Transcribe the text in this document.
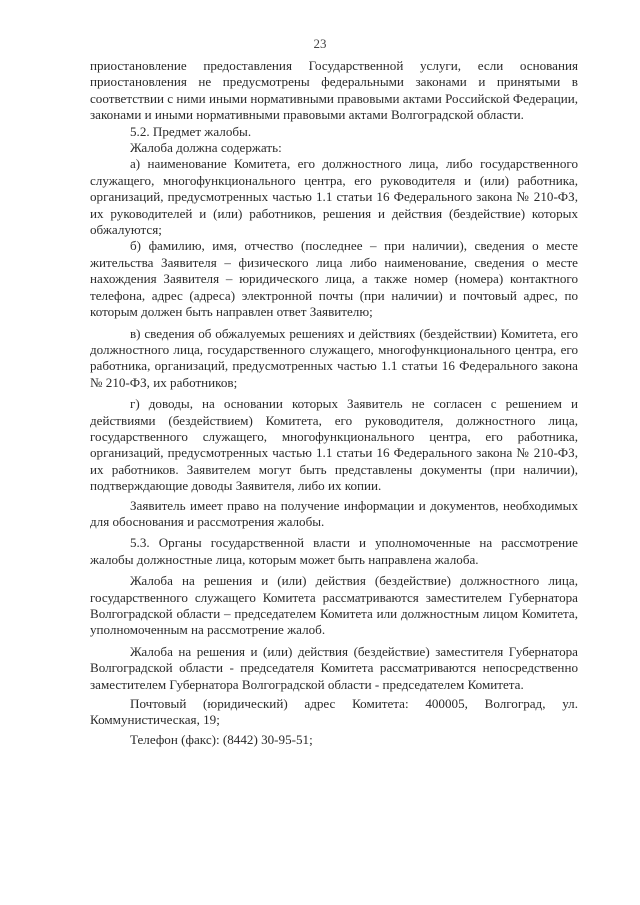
23

приостановление предоставления Государственной услуги, если основания приостановления не предусмотрены федеральными законами и принятыми в соответствии с ними иными нормативными правовыми актами Российской Федерации, законами и иными нормативными правовыми актами Волгоградской области.

5.2. Предмет жалобы.

Жалоба должна содержать:

а) наименование Комитета, его должностного лица, либо государственного служащего, многофункционального центра, его руководителя и (или) работника, организаций, предусмотренных частью 1.1 статьи 16 Федерального закона № 210-ФЗ, их руководителей и (или) работников, решения и действия (бездействие) которых обжалуются;

б) фамилию, имя, отчество (последнее – при наличии), сведения о месте жительства Заявителя – физического лица либо наименование, сведения о месте нахождения Заявителя – юридического лица, а также номер (номера) контактного телефона, адрес (адреса) электронной почты (при наличии) и почтовый адрес, по которым должен быть направлен ответ Заявителю;

в) сведения об обжалуемых решениях и действиях (бездействии) Комитета, его должностного лица, государственного служащего, многофункционального центра, его работника, организаций, предусмотренных частью 1.1 статьи 16 Федерального закона № 210-ФЗ, их работников;

г) доводы, на основании которых Заявитель не согласен с решением и действиями (бездействием) Комитета, его руководителя, должностного лица, государственного служащего, многофункционального центра, его работника, организаций, предусмотренных частью 1.1 статьи 16 Федерального закона № 210-ФЗ, их работников. Заявителем могут быть представлены документы (при наличии), подтверждающие доводы Заявителя, либо их копии.

Заявитель имеет право на получение информации и документов, необходимых для обоснования и рассмотрения жалобы.

5.3. Органы государственной власти и уполномоченные на рассмотрение жалобы должностные лица, которым может быть направлена жалоба.

Жалоба на решения и (или) действия (бездействие) должностного лица, государственного служащего Комитета рассматриваются заместителем Губернатора Волгоградской области – председателем Комитета или должностным лицом Комитета, уполномоченным на рассмотрение жалоб.

Жалоба на решения и (или) действия (бездействие) заместителя Губернатора Волгоградской области - председателя Комитета рассматриваются непосредственно заместителем Губернатора Волгоградской области - председателем Комитета.

Почтовый (юридический) адрес Комитета: 400005, Волгоград, ул. Коммунистическая, 19;

Телефон (факс): (8442) 30-95-51;
